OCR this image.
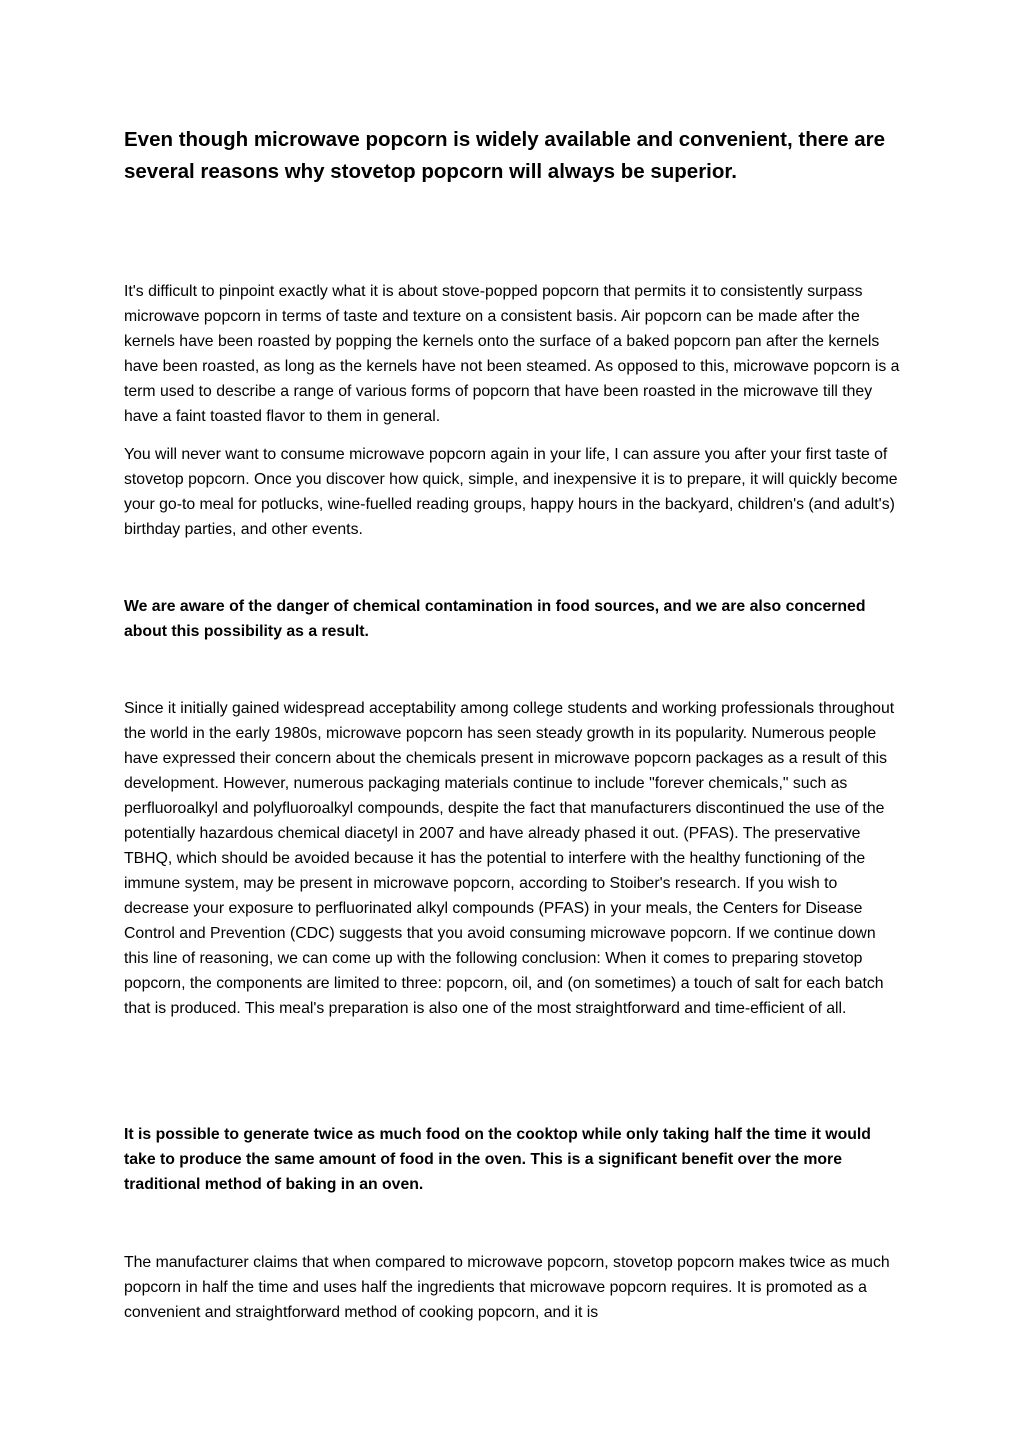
Even though microwave popcorn is widely available and convenient, there are several reasons why stovetop popcorn will always be superior.

It's difficult to pinpoint exactly what it is about stove-popped popcorn that permits it to consistently surpass microwave popcorn in terms of taste and texture on a consistent basis. Air popcorn can be made after the kernels have been roasted by popping the kernels onto the surface of a baked popcorn pan after the kernels have been roasted, as long as the kernels have not been steamed. As opposed to this, microwave popcorn is a term used to describe a range of various forms of popcorn that have been roasted in the microwave till they have a faint toasted flavor to them in general.

You will never want to consume microwave popcorn again in your life, I can assure you after your first taste of stovetop popcorn. Once you discover how quick, simple, and inexpensive it is to prepare, it will quickly become your go-to meal for potlucks, wine-fuelled reading groups, happy hours in the backyard, children's (and adult's) birthday parties, and other events.

We are aware of the danger of chemical contamination in food sources, and we are also concerned about this possibility as a result.

Since it initially gained widespread acceptability among college students and working professionals throughout the world in the early 1980s, microwave popcorn has seen steady growth in its popularity. Numerous people have expressed their concern about the chemicals present in microwave popcorn packages as a result of this development. However, numerous packaging materials continue to include "forever chemicals," such as perfluoroalkyl and polyfluoroalkyl compounds, despite the fact that manufacturers discontinued the use of the potentially hazardous chemical diacetyl in 2007 and have already phased it out. (PFAS). The preservative TBHQ, which should be avoided because it has the potential to interfere with the healthy functioning of the immune system, may be present in microwave popcorn, according to Stoiber's research. If you wish to decrease your exposure to perfluorinated alkyl compounds (PFAS) in your meals, the Centers for Disease Control and Prevention (CDC) suggests that you avoid consuming microwave popcorn. If we continue down this line of reasoning, we can come up with the following conclusion: When it comes to preparing stovetop popcorn, the components are limited to three: popcorn, oil, and (on sometimes) a touch of salt for each batch that is produced. This meal's preparation is also one of the most straightforward and time-efficient of all.

It is possible to generate twice as much food on the cooktop while only taking half the time it would take to produce the same amount of food in the oven. This is a significant benefit over the more traditional method of baking in an oven.

The manufacturer claims that when compared to microwave popcorn, stovetop popcorn makes twice as much popcorn in half the time and uses half the ingredients that microwave popcorn requires. It is promoted as a convenient and straightforward method of cooking popcorn, and it is
